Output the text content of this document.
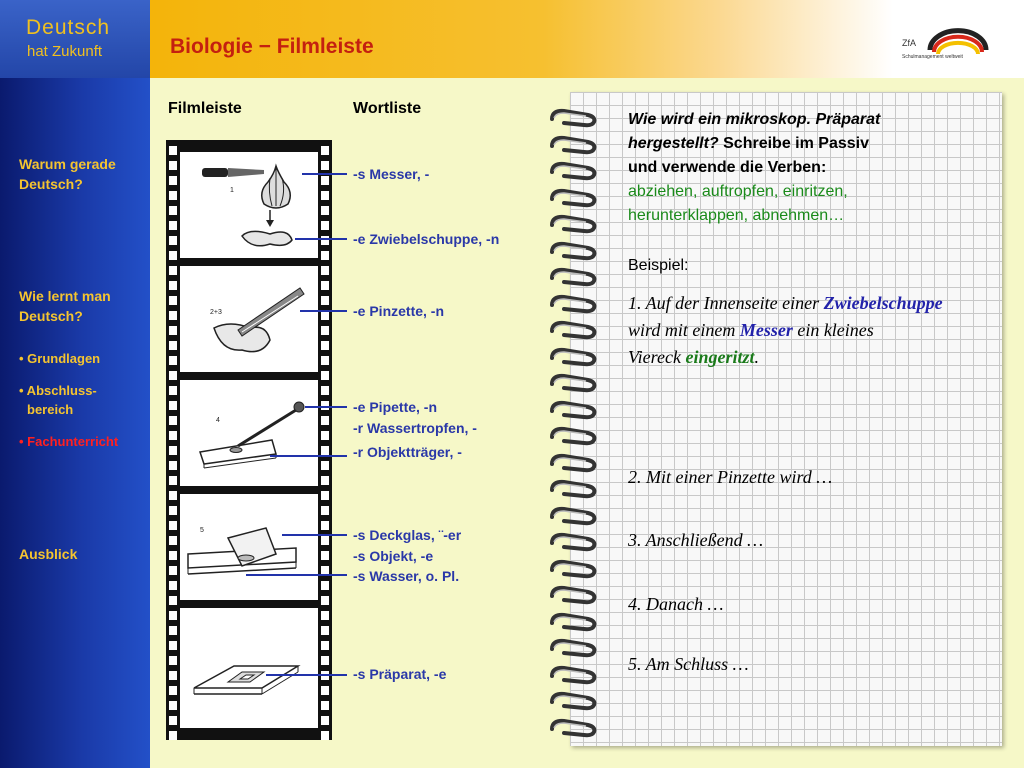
Deutsch
hat Zukunft
Warum gerade Deutsch?
Wie lernt man Deutsch?
• Grundlagen
• Abschluss-
bereich
• Fachunterricht
Ausblick
Biologie − Filmleiste	ZfA
Schulmanagement weltweit
Filmleiste	Wortliste
1
2+3
4
5
-s Messer, -
-e Zwiebelschuppe, -n
-e Pinzette, -n
-e Pipette, -n
-r Wassertropfen, -
-r Objektträger, -
-s Deckglas, ¨-er
-s Objekt, -e
-s Wasser, o. Pl.
-s Präparat, -e
Wie wird ein mikroskop. Präparat
hergestellt? Schreibe im Passiv
und verwende die Verben:
abziehen, auftropfen, einritzen,
herunterklappen, abnehmen…
Beispiel:
1. Auf der Innenseite einer Zwiebelschuppe
wird mit einem Messer ein kleines
Viereck eingeritzt.
2. Mit einer Pinzette wird …
3. Anschließend …
4. Danach …
5. Am Schluss …
